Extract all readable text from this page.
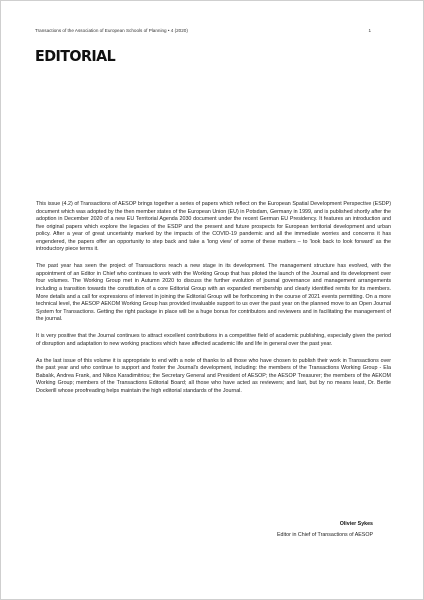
Transactions of the Association of European Schools of Planning • 4 (2020)	1
EDITORIAL

This issue (4.2) of Transactions of AESOP brings together a series of papers which reflect on the European Spatial Development Perspective (ESDP) document which was adopted by the then member states of the European Union (EU) in Potsdam, Germany in 1999, and is published shortly after the adoption in December 2020 of a new EU Territorial Agenda 2030 document under the recent German EU Presidency. It features an introduction and five original papers which explore the legacies of the ESDP and the present and future prospects for European territorial development and urban policy. After a year of great uncertainty marked by the impacts of the COVID-19 pandemic and all the immediate worries and concerns it has engendered, the papers offer an opportunity to step back and take a 'long view' of some of these matters – to 'look back to look forward' as the introductory piece terms it.

The past year has seen the project of Transactions reach a new stage in its development. The management structure has evolved, with the appointment of an Editor in Chief who continues to work with the Working Group that has piloted the launch of the Journal and its development over four volumes. The Working Group met in Autumn 2020 to discuss the further evolution of journal governance and management arrangements including a transition towards the constitution of a core Editorial Group with an expanded membership and clearly identified remits for its members. More details and a call for expressions of interest in joining the Editorial Group will be forthcoming in the course of 2021 events permitting. On a more technical level, the AESOP AEKOM Working Group has provided invaluable support to us over the past year on the planned move to an Open Journal System for Transactions. Getting the right package in place will be a huge bonus for contributors and reviewers and in facilitating the management of the journal.

It is very positive that the Journal continues to attract excellent contributions in a competitive field of academic publishing, especially given the period of disruption and adaptation to new working practices which have affected academic life and life in general over the past year.

As the last issue of this volume it is appropriate to end with a note of thanks to all those who have chosen to publish their work in Transactions over the past year and who continue to support and foster the Journal's development, including: the members of the Transactions Working Group - Ela Babalık, Andrea Frank, and Nikos Karadimitriou; the Secretary General and President of AESOP; the AESOP Treasurer; the members of the AEKOM Working Group; members of the Transactions Editorial Board; all those who have acted as reviewers; and last, but by no means least, Dr. Bertie Dockerill whose proofreading helps maintain the high editorial standards of the Journal.

Olivier Sykes

Editor in Chief of Transactions of AESOP
